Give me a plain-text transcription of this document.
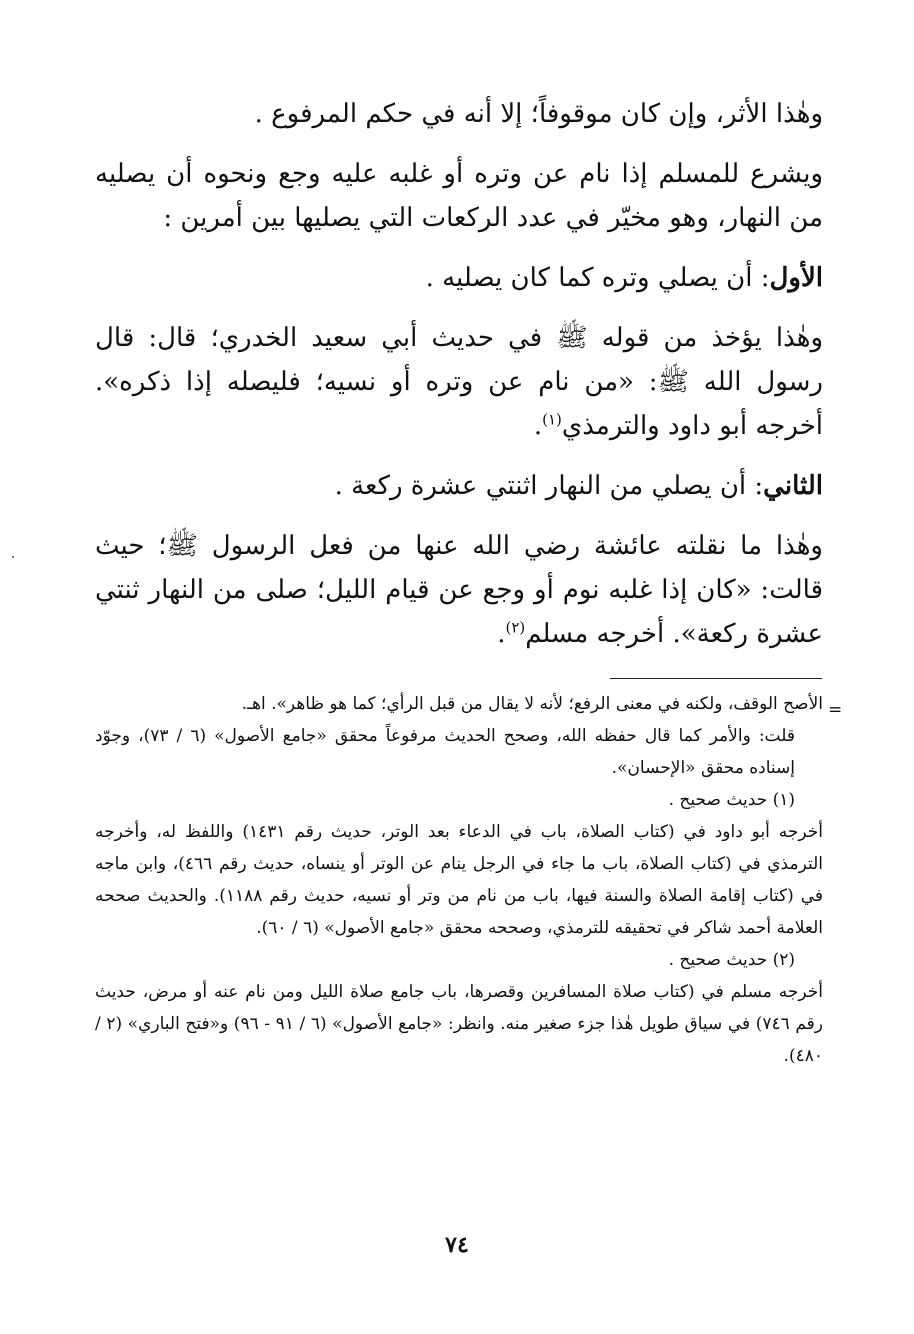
وهٰذا الأثر، وإن كان موقوفاً؛ إلا أنه في حكم المرفوع .

ويشرع للمسلم إذا نام عن وتره أو غلبه عليه وجع ونحوه أن يصليه من النهار، وهو مخيّر في عدد الركعات التي يصليها بين أمرين :

الأول: أن يصلي وتره كما كان يصليه .

وهٰذا يؤخذ من قوله ﷺ في حديث أبي سعيد الخدري؛ قال: قال رسول الله ﷺ: «من نام عن وتره أو نسيه؛ فليصله إذا ذكره». أخرجه أبو داود والترمذي$^{(١)}$.

الثاني: أن يصلي من النهار اثنتي عشرة ركعة .

وهٰذا ما نقلته عائشة رضي الله عنها من فعل الرسول ﷺ؛ حيث قالت: «كان إذا غلبه نوم أو وجع عن قيام الليل؛ صلى من النهار ثنتي عشرة ركعة». أخرجه مسلم$^{(٢)}$.

=

الأصح الوقف، ولكنه في معنى الرفع؛ لأنه لا يقال من قبل الرأي؛ كما هو ظاهر». اهـ.

قلت: والأمر كما قال حفظه الله، وصحح الحديث مرفوعاً محقق «جامع الأصول» (٦ / ٧٣)، وجوّد إسناده محقق «الإحسان».

(١) حديث صحيح .

أخرجه أبو داود في (كتاب الصلاة، باب في الدعاء بعد الوتر، حديث رقم ١٤٣١) واللفظ له، وأخرجه الترمذي في (كتاب الصلاة، باب ما جاء في الرجل ينام عن الوتر أو ينساه، حديث رقم ٤٦٦)، وابن ماجه في (كتاب إقامة الصلاة والسنة فيها، باب من نام من وتر أو نسيه، حديث رقم ١١٨٨). والحديث صححه العلامة أحمد شاكر في تحقيقه للترمذي، وصححه محقق «جامع الأصول» (٦ / ٦٠).

(٢) حديث صحيح .

أخرجه مسلم في (كتاب صلاة المسافرين وقصرها، باب جامع صلاة الليل ومن نام عنه أو مرض، حديث رقم ٧٤٦) في سياق طويل هٰذا جزء صغير منه. وانظر: «جامع الأصول» (٦ / ٩١ - ٩٦) و«فتح الباري» (٢ / ٤٨٠).

٧٤
